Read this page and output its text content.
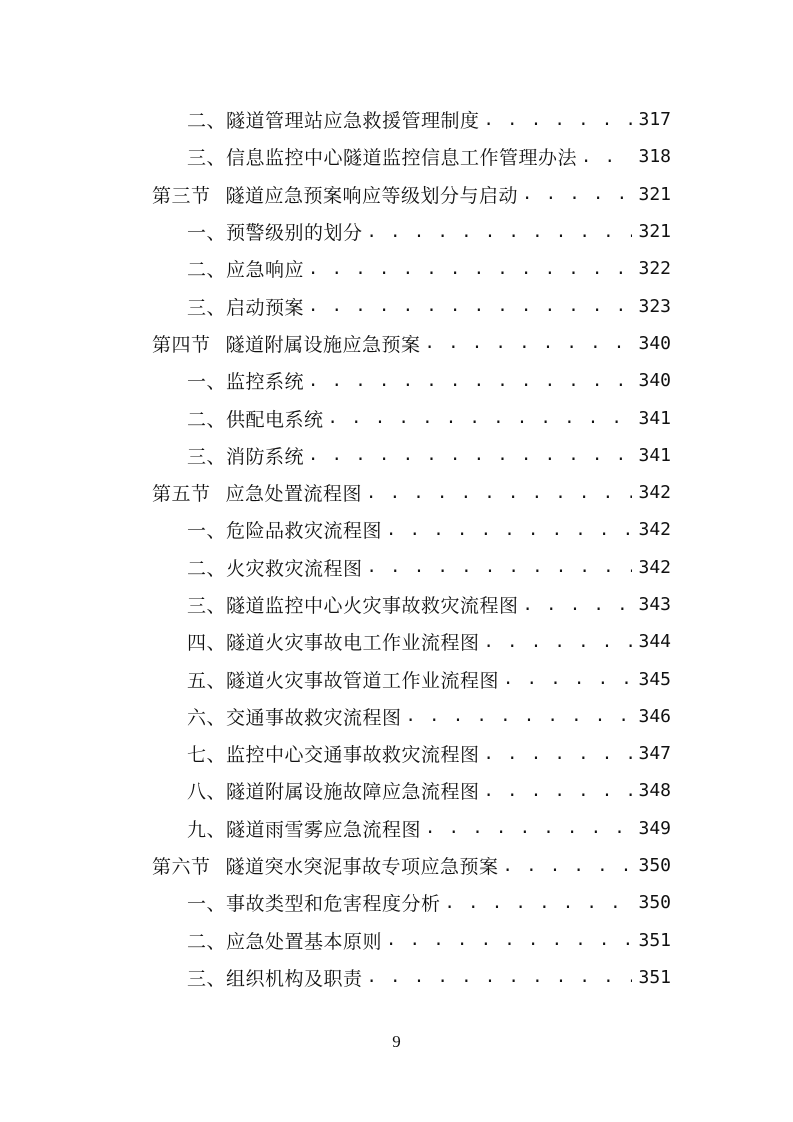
二、隧道管理站应急救援管理制度 . . .	317
三、信息监控中心隧道监控信息工作管理办法 . . .	318
第三节 隧道应急预案响应等级划分与启动 . . .	321
一、预警级别的划分 . . .	321
二、应急响应 . . .	322
三、启动预案 . . .	323
第四节 隧道附属设施应急预案 . . .	340
一、监控系统 . . .	340
二、供配电系统 . . .	341
三、消防系统 . . .	341
第五节 应急处置流程图 . . .	342
一、危险品救灾流程图 . . .	342
二、火灾救灾流程图 . . .	342
三、隧道监控中心火灾事故救灾流程图 . . .	343
四、隧道火灾事故电工作业流程图 . . .	344
五、隧道火灾事故管道工作业流程图 . . .	345
六、交通事故救灾流程图 . . .	346
七、监控中心交通事故救灾流程图 . . .	347
八、隧道附属设施故障应急流程图 . . .	348
九、隧道雨雪雾应急流程图 . . .	349
第六节 隧道突水突泥事故专项应急预案 . . .	350
一、事故类型和危害程度分析 . . .	350
二、应急处置基本原则 . . .	351
三、组织机构及职责 . . .	351
9
